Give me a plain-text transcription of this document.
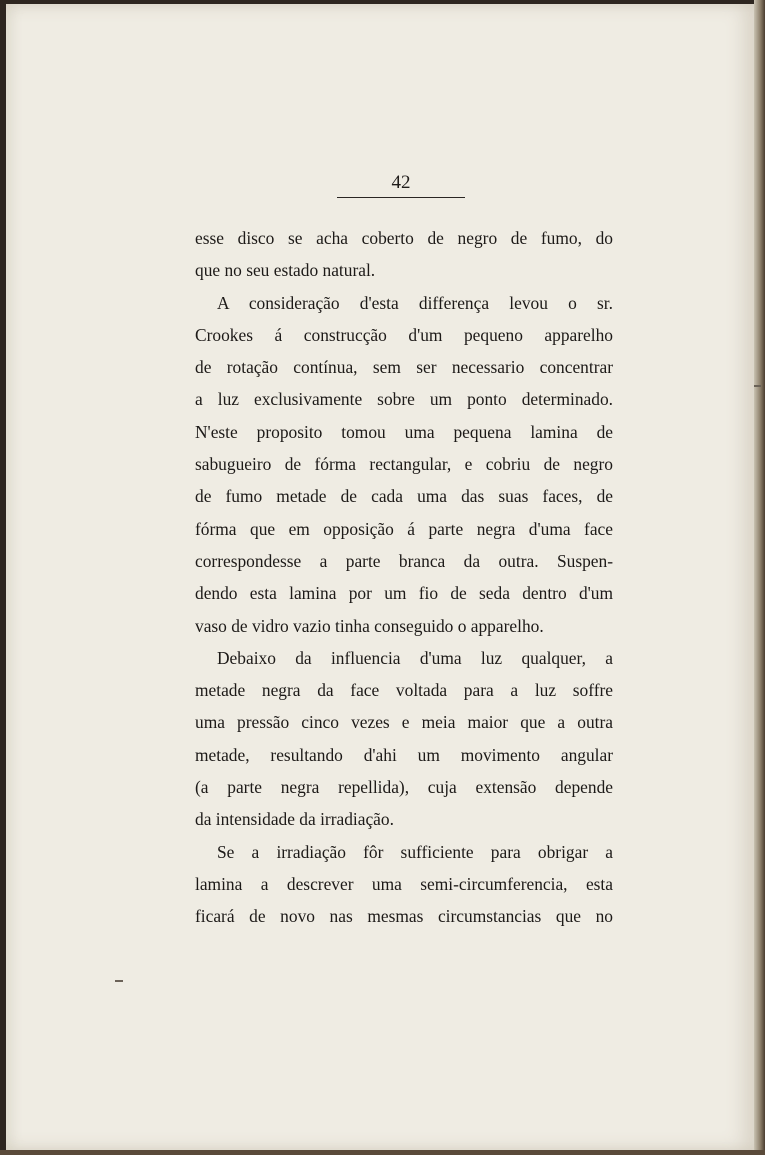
42
esse disco se acha coberto de negro de fumo, do
que no seu estado natural.
A consideração d'esta differença levou o sr.
Crookes á construcção d'um pequeno apparelho
de rotação contínua, sem ser necessario concentrar
a luz exclusivamente sobre um ponto determinado.
N'este proposito tomou uma pequena lamina de
sabugueiro de fórma rectangular, e cobriu de negro
de fumo metade de cada uma das suas faces, de
fórma que em opposição á parte negra d'uma face
correspondesse a parte branca da outra. Suspen-
dendo esta lamina por um fio de seda dentro d'um
vaso de vidro vazio tinha conseguido o apparelho.
Debaixo da influencia d'uma luz qualquer, a
metade negra da face voltada para a luz soffre
uma pressão cinco vezes e meia maior que a outra
metade, resultando d'ahi um movimento angular
(a parte negra repellida), cuja extensão depende
da intensidade da irradiação.
Se a irradiação fôr sufficiente para obrigar a
lamina a descrever uma semi-circumferencia, esta
ficará de novo nas mesmas circumstancias que no
